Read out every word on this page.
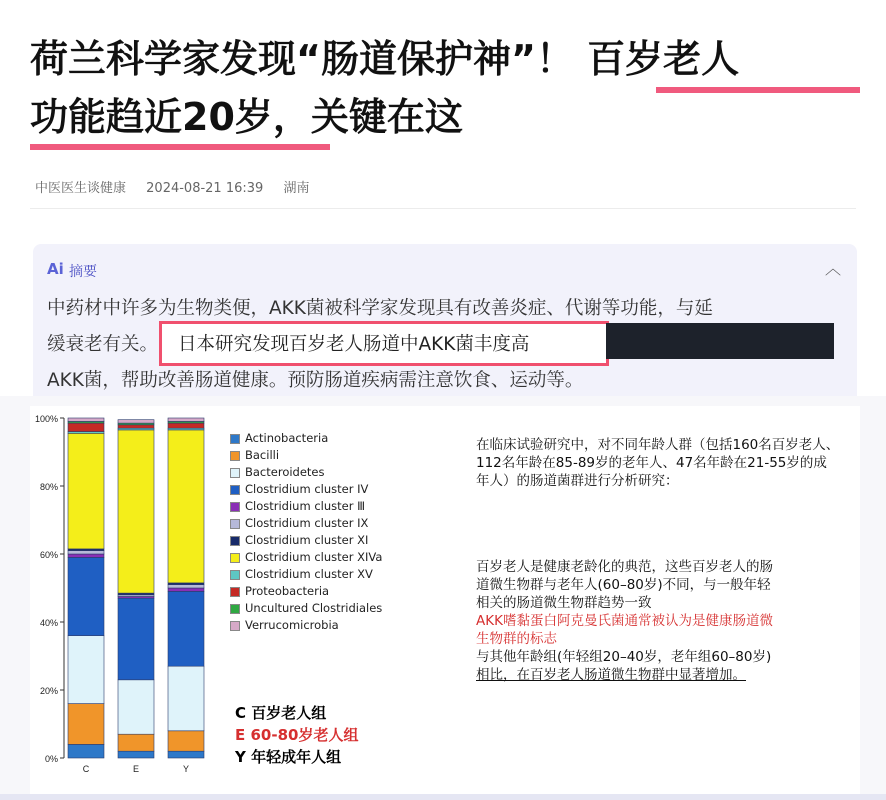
荷兰科学家发现“肠道保护神”！ 百岁老人
功能趋近20岁，关键在这
中医医生谈健康 2024-08-21 16:39 湖南
Ai 摘要	︿
中药材中许多为生物类便，AKK菌被科学家发现具有改善炎症、代谢等功能，与延
缓衰老有关。
AKK菌，帮助改善肠道健康。预防肠道疾病需注意饮食、运动等。
日本研究发现百岁老人肠道中AKK菌丰度高
0%
20%
40%
60%
80%
100%
C	E	Y
Actinobacteria
Bacilli
Bacteroidetes
Clostridium cluster IV
Clostridium cluster Ⅲ
Clostridium cluster IX
Clostridium cluster XI
Clostridium cluster XIVa
Clostridium cluster XV
Proteobacteria
Uncultured Clostridiales
Verrucomicrobia
C 百岁老人组
E 60-80岁老人组
Y 年轻成年人组
在临床试验研究中，对不同年龄人群（包括160名百岁老人、
112名年龄在85-89岁的老年人、47名年龄在21-55岁的成
年人）的肠道菌群进行分析研究：
百岁老人是健康老龄化的典范，这些百岁老人的肠
道微生物群与老年人(60–80岁)不同，与一般年轻
相关的肠道微生物群趋势一致
AKK嗜黏蛋白阿克曼氏菌通常被认为是健康肠道微
生物群的标志
与其他年龄组(年轻组20–40岁，老年组60–80岁)
相比，在百岁老人肠道微生物群中显著增加。
